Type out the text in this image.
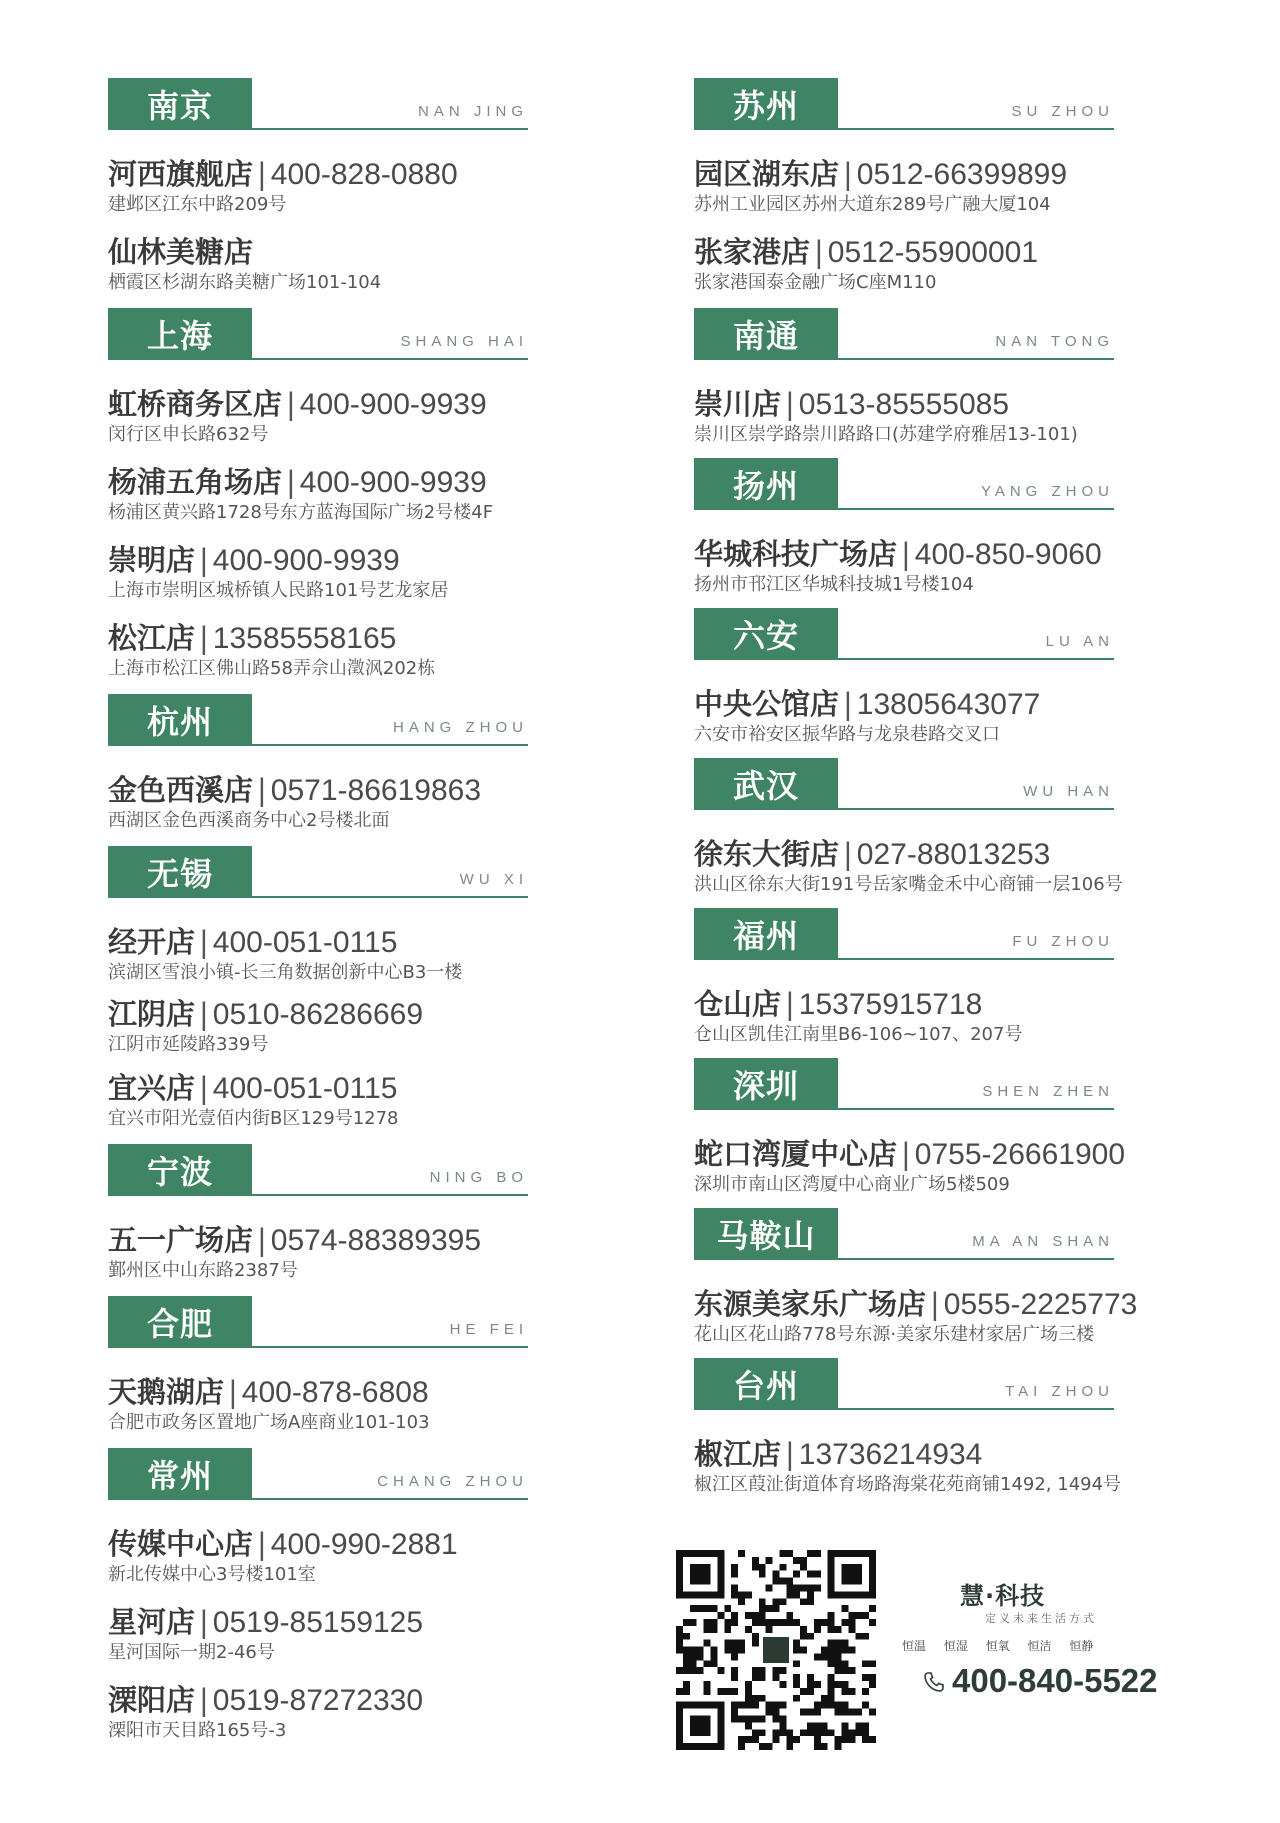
南京	NAN JING
河西旗舰店 | 400-828-0880
建邺区江东中路209号
仙林美糖店
栖霞区杉湖东路美糖广场101-104
上海	SHANG HAI
虹桥商务区店 | 400-900-9939
闵行区申长路632号
杨浦五角场店 | 400-900-9939
杨浦区黄兴路1728号东方蓝海国际广场2号楼4F
崇明店 | 400-900-9939
上海市崇明区城桥镇人民路101号艺龙家居
松江店 | 13585558165
上海市松江区佛山路58弄佘山澂沨202栋
杭州	HANG ZHOU
金色西溪店 | 0571-86619863
西湖区金色西溪商务中心2号楼北面
无锡	WU XI
经开店 | 400-051-0115
滨湖区雪浪小镇-长三角数据创新中心B3一楼
江阴店 | 0510-86286669
江阴市延陵路339号
宜兴店 | 400-051-0115
宜兴市阳光壹佰内街B区129号1278
宁波	NING BO
五一广场店 | 0574-88389395
鄞州区中山东路2387号
合肥	HE FEI
天鹅湖店 | 400-878-6808
合肥市政务区置地广场A座商业101-103
常州	CHANG ZHOU
传媒中心店 | 400-990-2881
新北传媒中心3号楼101室
星河店 | 0519-85159125
星河国际一期2-46号
溧阳店 | 0519-87272330
溧阳市天目路165号-3
苏州	SU ZHOU
园区湖东店 | 0512-66399899
苏州工业园区苏州大道东289号广融大厦104
张家港店 | 0512-55900001
张家港国泰金融广场C座M110
南通	NAN TONG
崇川店 | 0513-85555085
崇川区崇学路崇川路路口(苏建学府雅居13-101)
扬州	YANG ZHOU
华城科技广场店 | 400-850-9060
扬州市邗江区华城科技城1号楼104
六安	LU AN
中央公馆店 | 13805643077
六安市裕安区振华路与龙泉巷路交叉口
武汉	WU HAN
徐东大街店 | 027-88013253
洪山区徐东大街191号岳家嘴金禾中心商铺一层106号
福州	FU ZHOU
仓山店 | 15375915718
仓山区凯佳江南里B6-106~107、207号
深圳	SHEN ZHEN
蛇口湾厦中心店 | 0755-26661900
深圳市南山区湾厦中心商业广场5楼509
马鞍山	MA AN SHAN
东源美家乐广场店 | 0555-2225773
花山区花山路778号东源·美家乐建材家居广场三楼
台州	TAI ZHOU
椒江店 | 13736214934
椒江区葭沚街道体育场路海棠花苑商铺1492, 1494号
慧·科技
定义未来生活方式
恒温 恒湿 恒氧 恒洁 恒静
400-840-5522
